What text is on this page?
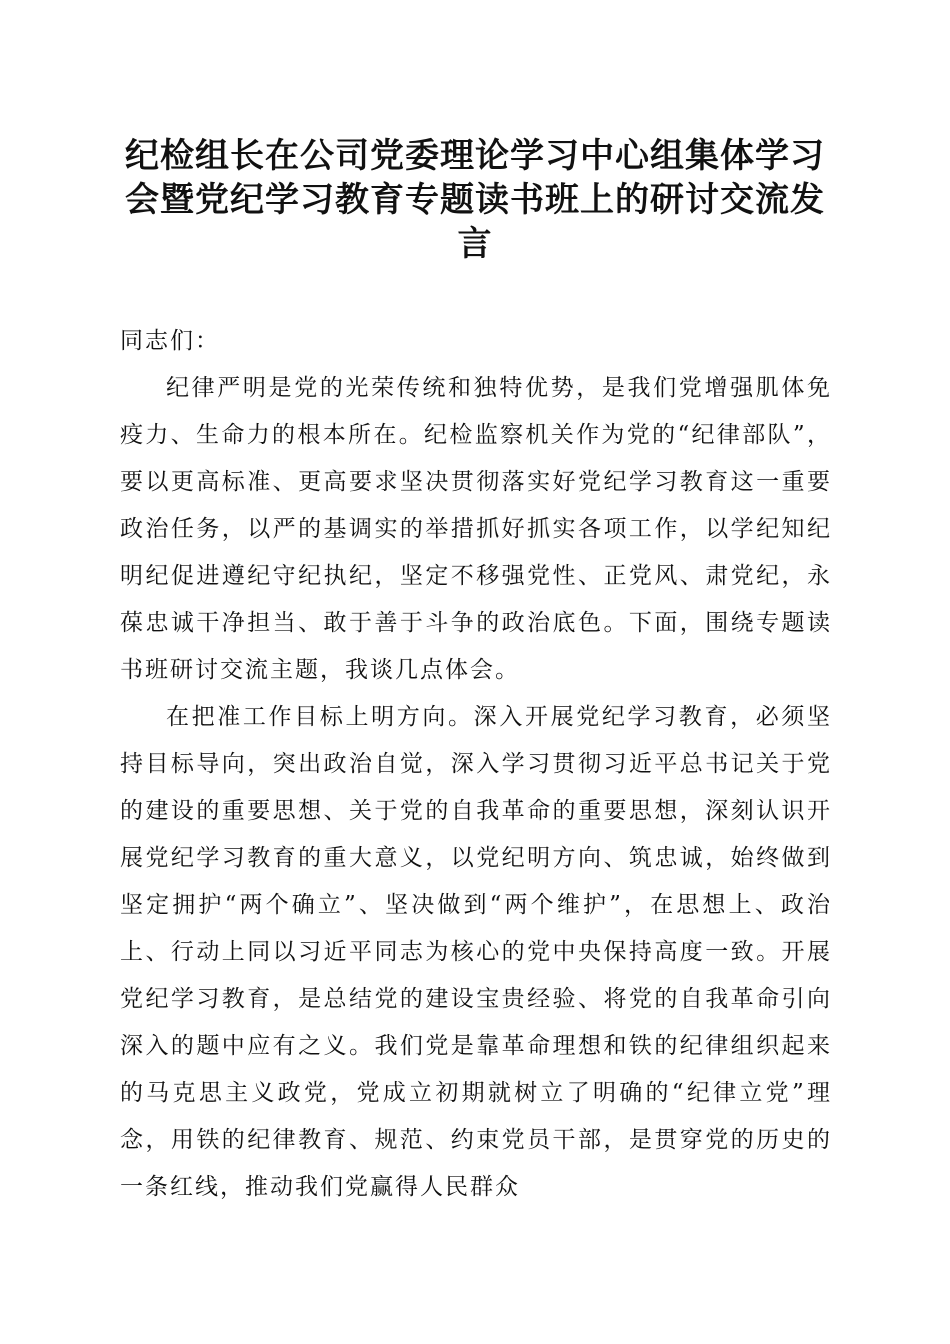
纪检组长在公司党委理论学习中心组集体学习会暨党纪学习教育专题读书班上的研讨交流发言

同志们：

纪律严明是党的光荣传统和独特优势，是我们党增强肌体免疫力、生命力的根本所在。纪检监察机关作为党的“纪律部队”，要以更高标准、更高要求坚决贯彻落实好党纪学习教育这一重要政治任务，以严的基调实的举措抓好抓实各项工作，以学纪知纪明纪促进遵纪守纪执纪，坚定不移强党性、正党风、肃党纪，永葆忠诚干净担当、敢于善于斗争的政治底色。下面，围绕专题读书班研讨交流主题，我谈几点体会。

在把准工作目标上明方向。深入开展党纪学习教育，必须坚持目标导向，突出政治自觉，深入学习贯彻习近平总书记关于党的建设的重要思想、关于党的自我革命的重要思想，深刻认识开展党纪学习教育的重大意义，以党纪明方向、筑忠诚，始终做到坚定拥护“两个确立”、坚决做到“两个维护”，在思想上、政治上、行动上同以习近平同志为核心的党中央保持高度一致。开展党纪学习教育，是总结党的建设宝贵经验、将党的自我革命引向深入的题中应有之义。我们党是靠革命理想和铁的纪律组织起来的马克思主义政党，党成立初期就树立了明确的“纪律立党”理念，用铁的纪律教育、规范、约束党员干部，是贯穿党的历史的一条红线，推动我们党赢得人民群众
